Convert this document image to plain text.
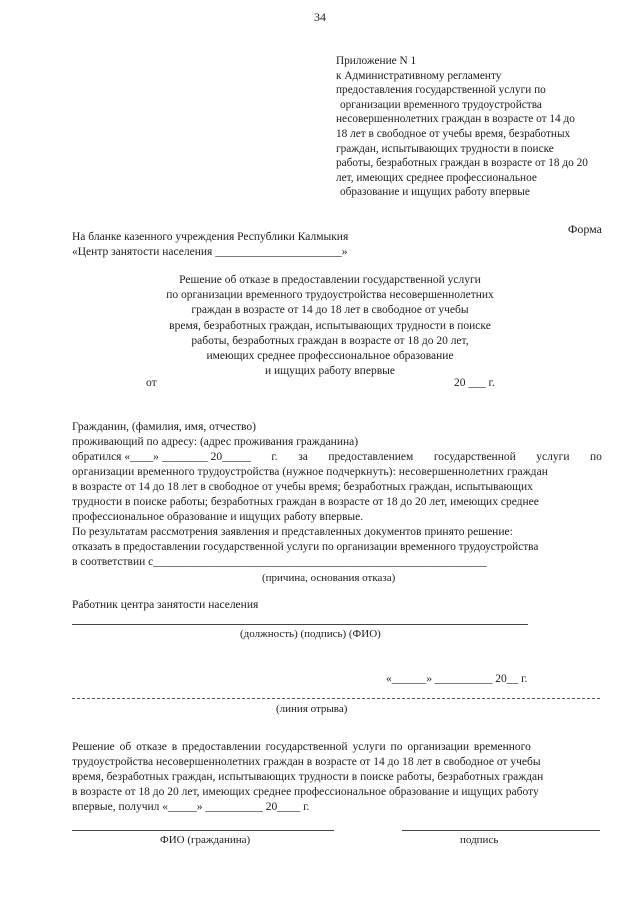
34
Приложение N 1
к Административному регламенту
предоставления государственной услуги по
организации временного трудоустройства
несовершеннолетних граждан в возрасте от 14 до
18 лет в свободное от учебы время, безработных
граждан, испытывающих трудности в поиске
работы, безработных граждан в возрасте от 18 до 20
лет, имеющих среднее профессиональное
образование и ищущих работу впервые
Форма
На бланке казенного учреждения Республики Калмыкия
«Центр занятости населения ______________________»
Решение об отказе в предоставлении государственной услуги
по организации временного трудоустройства несовершеннолетних
граждан в возрасте от 14 до 18 лет в свободное от учебы
время, безработных граждан, испытывающих трудности в поиске
работы, безработных граждан в возрасте от 18 до 20 лет,
имеющих среднее профессиональное образование
и ищущих работу впервые
от	20 ___ г.
Гражданин, (фамилия, имя, отчество)
проживающий по адресу: (адрес проживания гражданина)
обратился «____» ________ 20_____ г. за предоставлением государственной услуги по
организации временного трудоустройства (нужное подчеркнуть): несовершеннолетних граждан
в возрасте от 14 до 18 лет в свободное от учебы время; безработных граждан, испытывающих
трудности в поиске работы; безработных граждан в возрасте от 18 до 20 лет, имеющих среднее
профессиональное образование и ищущих работу впервые.
По результатам рассмотрения заявления и представленных документов принято решение:
отказать в предоставлении государственной услуги по организации временного трудоустройства
в соответствии с__________________________________________________________
(причина, основания отказа)
Работник центра занятости населения
(должность) (подпись) (ФИО)
«______» __________ 20__ г.
(линия отрыва)
Решение об отказе в предоставлении государственной услуги по организации временного
трудоустройства несовершеннолетних граждан в возрасте от 14 до 18 лет в свободное от учебы
время, безработных граждан, испытывающих трудности в поиске работы, безработных граждан
в возрасте от 18 до 20 лет, имеющих среднее профессиональное образование и ищущих работу
впервые, получил «_____» __________ 20____ г.
ФИО (гражданина)	подпись
